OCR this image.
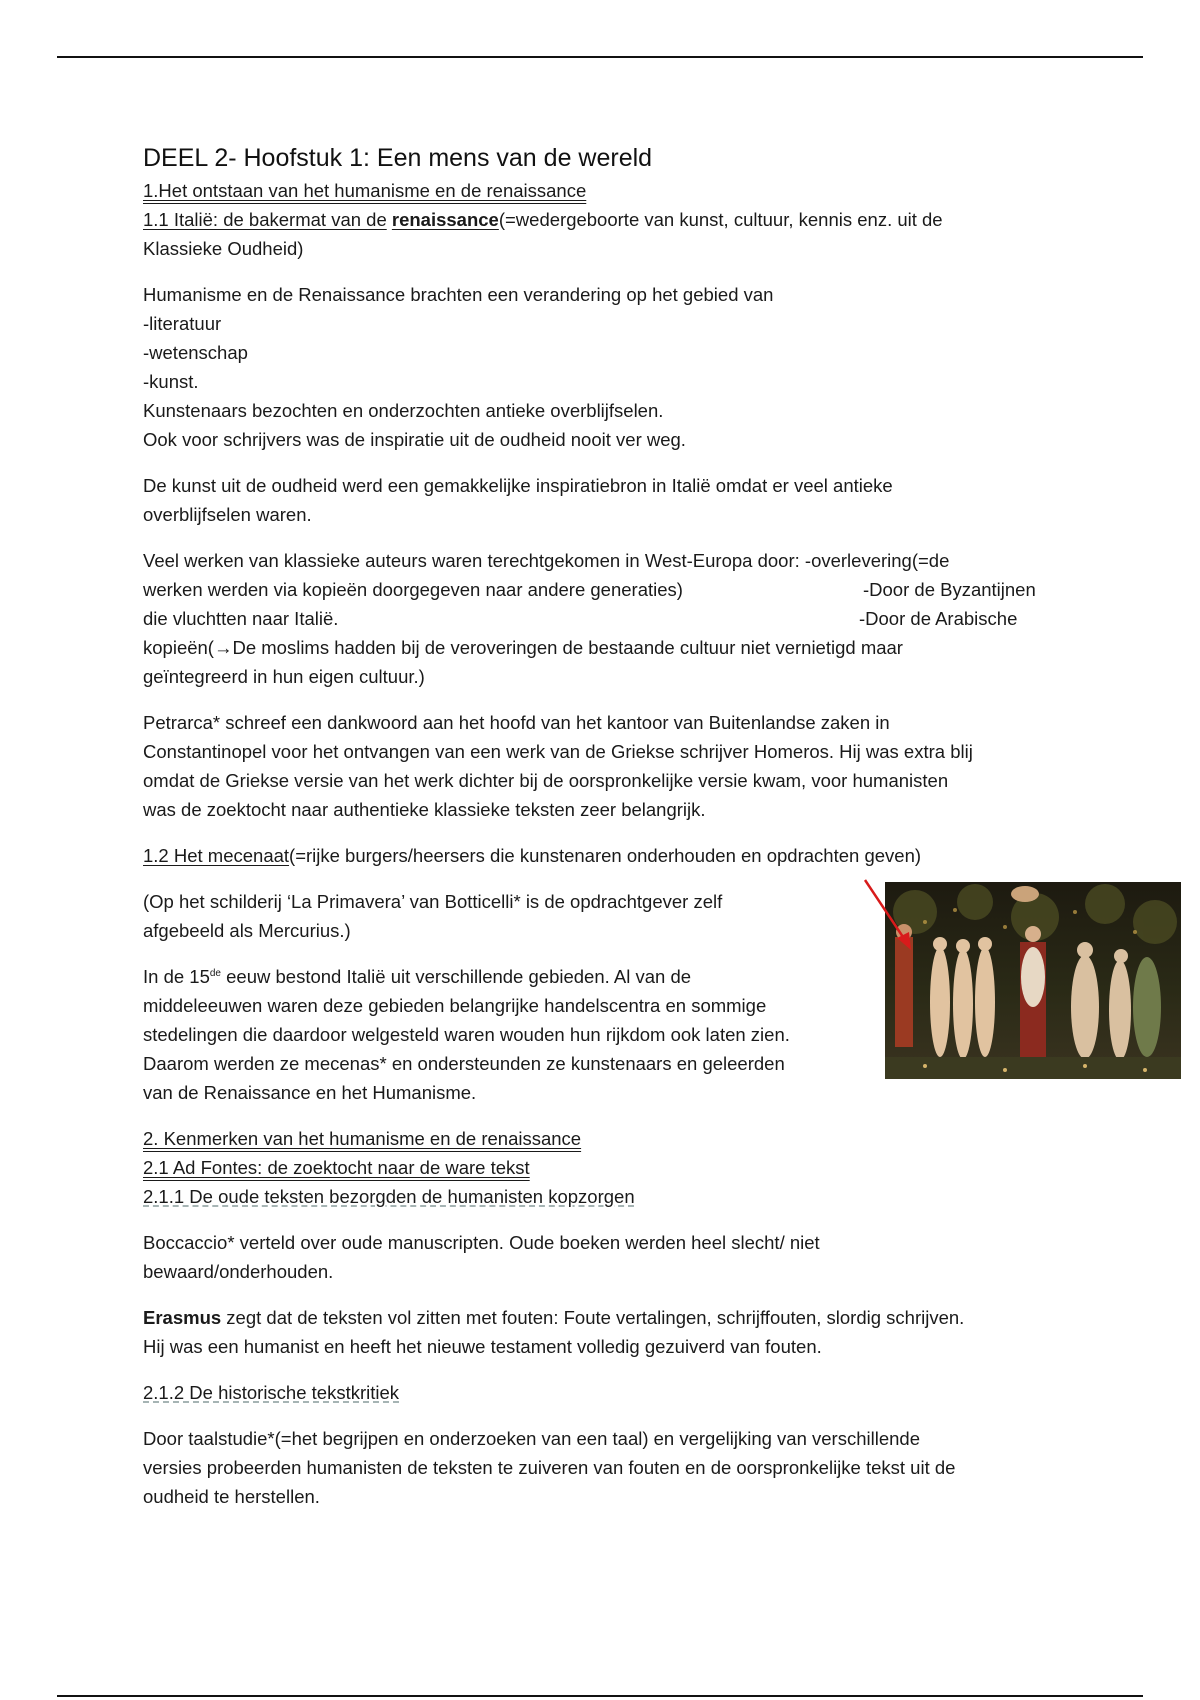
DEEL 2- Hoofstuk 1: Een mens van de wereld

1.Het ontstaan van het humanisme en de renaissance

1.1 Italië: de bakermat van de renaissance(=wedergeboorte van kunst, cultuur, kennis enz. uit de
Klassieke Oudheid)

Humanisme en de Renaissance brachten een verandering op het gebied van
-literatuur
-wetenschap
-kunst.
Kunstenaars bezochten en onderzochten antieke overblijfselen.
Ook voor schrijvers was de inspiratie uit de oudheid nooit ver weg.

De kunst uit de oudheid werd een gemakkelijke inspiratiebron in Italië omdat er veel antieke
overblijfselen waren.

Veel werken van klassieke auteurs waren terechtgekomen in West-Europa door: -overlevering(=de
werken werden via kopieën doorgegeven naar andere generaties)	-Door de Byzantijnen
die vluchtten naar Italië.	-Door de Arabische
kopieën(→De moslims hadden bij de veroveringen de bestaande cultuur niet vernietigd maar
geïntegreerd in hun eigen cultuur.)

Petrarca* schreef een dankwoord aan het hoofd van het kantoor van Buitenlandse zaken in
Constantinopel voor het ontvangen van een werk van de Griekse schrijver Homeros. Hij was extra blij
omdat de Griekse versie van het werk dichter bij de oorspronkelijke versie kwam, voor humanisten
was de zoektocht naar authentieke klassieke teksten zeer belangrijk.

1.2 Het mecenaat(=rijke burgers/heersers die kunstenaren onderhouden en opdrachten geven)

(Op het schilderij ‘La Primavera’ van Botticelli* is de opdrachtgever zelf
afgebeeld als Mercurius.)

In de 15de eeuw bestond Italië uit verschillende gebieden. Al van de
middeleeuwen waren deze gebieden belangrijke handelscentra en sommige
stedelingen die daardoor welgesteld waren wouden hun rijkdom ook laten zien.
Daarom werden ze mecenas* en ondersteunden ze kunstenaars en geleerden
van de Renaissance en het Humanisme.

2. Kenmerken van het humanisme en de renaissance

2.1 Ad Fontes: de zoektocht naar de ware tekst

2.1.1 De oude teksten bezorgden de humanisten kopzorgen

Boccaccio* verteld over oude manuscripten. Oude boeken werden heel slecht/ niet
bewaard/onderhouden.

Erasmus zegt dat de teksten vol zitten met fouten: Foute vertalingen, schrijffouten, slordig schrijven.
Hij was een humanist en heeft het nieuwe testament volledig gezuiverd van fouten.

2.1.2 De historische tekstkritiek

Door taalstudie*(=het begrijpen en onderzoeken van een taal) en vergelijking van verschillende
versies probeerden humanisten de teksten te zuiveren van fouten en de oorspronkelijke tekst uit de
oudheid te herstellen.
